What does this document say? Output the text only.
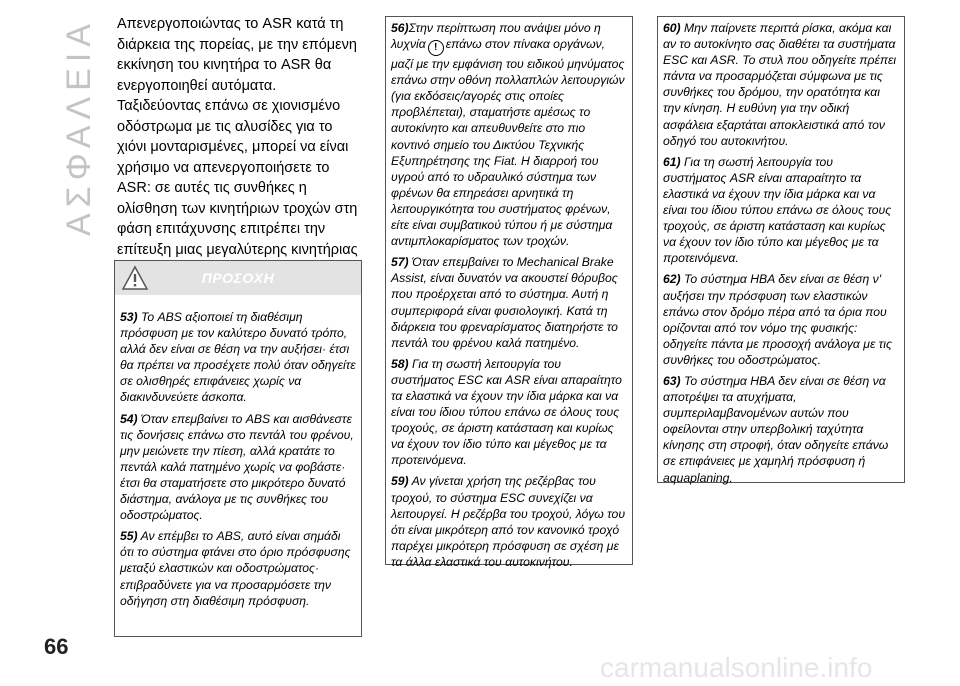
ΑΣΦΑΛΕΙΑ Απενεργοποιώντας το ASR κατά τη διάρκεια της πορείας, με την επόμενη εκκίνηση του κινητήρα το ASR θα ενεργοποιηθεί αυτόματα. Ταξιδεύοντας επάνω σε χιονισμένο οδόστρωμα με τις αλυσίδες για το χιόνι μονταρισμένες, μπορεί να είναι χρήσιμο να απενεργοποιήσετε το ASR: σε αυτές τις συνθήκες η ολίσθηση των κινητήριων τροχών στη φάση επιτάχυνσης επιτρέπει την επίτευξη μιας μεγαλύτερης κινητήριας

ΠΡΟΣΟΧΗ

53) Το ABS αξιοποιεί τη διαθέσιμη πρόσφυση με τον καλύτερο δυνατό τρόπο, αλλά δεν είναι σε θέση να την αυξήσει· έτσι θα πρέπει να προσέχετε πολύ όταν οδηγείτε σε ολισθηρές επιφάνειες χωρίς να διακινδυνεύετε άσκοπα.

54) Όταν επεμβαίνει το ABS και αισθάνεστε τις δονήσεις επάνω στο πεντάλ του φρένου, μην μειώνετε την πίεση, αλλά κρατάτε το πεντάλ καλά πατημένο χωρίς να φοβάστε· έτσι θα σταματήσετε στο μικρότερο δυνατό διάστημα, ανάλογα με τις συνθήκες του οδοστρώματος.

55) Αν επέμβει το ABS, αυτό είναι σημάδι ότι το σύστημα φτάνει στο όριο πρόσφυσης μεταξύ ελαστικών και οδοστρώματος· επιβραδύνετε για να προσαρμόσετε την οδήγηση στη διαθέσιμη πρόσφυση.

56)Στην περίπτωση που ανάψει μόνο η λυχνία ! επάνω στον πίνακα οργάνων, μαζί με την εμφάνιση του ειδικού μηνύματος επάνω στην οθόνη πολλαπλών λειτουργιών (για εκδόσεις/αγορές στις οποίες προβλέπεται), σταματήστε αμέσως το αυτοκίνητο και απευθυνθείτε στο πιο κοντινό σημείο του Δικτύου Τεχνικής Εξυπηρέτησης της Fiat. Η διαρροή του υγρού από το υδραυλικό σύστημα των φρένων θα επηρεάσει αρνητικά τη λειτουργικότητα του συστήματος φρένων, είτε είναι συμβατικού τύπου ή με σύστημα αντιμπλοκαρίσματος των τροχών.

57) Όταν επεμβαίνει το Mechanical Brake Assist, είναι δυνατόν να ακουστεί θόρυβος που προέρχεται από το σύστημα. Αυτή η συμπεριφορά είναι φυσιολογική. Κατά τη διάρκεια του φρεναρίσματος διατηρήστε το πεντάλ του φρένου καλά πατημένο.

58) Για τη σωστή λειτουργία του συστήματος ESC και ASR είναι απαραίτητο τα ελαστικά να έχουν την ίδια μάρκα και να είναι του ίδιου τύπου επάνω σε όλους τους τροχούς, σε άριστη κατάσταση και κυρίως να έχουν τον ίδιο τύπο και μέγεθος με τα προτεινόμενα.

59) Αν γίνεται χρήση της ρεζέρβας του τροχού, το σύστημα ESC συνεχίζει να λειτουργεί. Η ρεζέρβα του τροχού, λόγω του ότι είναι μικρότερη από τον κανονικό τροχό παρέχει μικρότερη πρόσφυση σε σχέση με τα άλλα ελαστικά του αυτοκινήτου.

60) Μην παίρνετε περιττά ρίσκα, ακόμα και αν το αυτοκίνητο σας διαθέτει τα συστήματα ESC και ASR. Το στυλ που οδηγείτε πρέπει πάντα να προσαρμόζεται σύμφωνα με τις συνθήκες του δρόμου, την ορατότητα και την κίνηση. Η ευθύνη για την οδική ασφάλεια εξαρτάται αποκλειστικά από τον οδηγό του αυτοκινήτου.

61) Για τη σωστή λειτουργία του συστήματος ASR είναι απαραίτητο τα ελαστικά να έχουν την ίδια μάρκα και να είναι του ίδιου τύπου επάνω σε όλους τους τροχούς, σε άριστη κατάσταση και κυρίως να έχουν τον ίδιο τύπο και μέγεθος με τα προτεινόμενα.

62) Το σύστημα HBA δεν είναι σε θέση ν' αυξήσει την πρόσφυση των ελαστικών επάνω στον δρόμο πέρα από τα όρια που ορίζονται από τον νόμο της φυσικής: οδηγείτε πάντα με προσοχή ανάλογα με τις συνθήκες του οδοστρώματος.

63) Το σύστημα HBA δεν είναι σε θέση να αποτρέψει τα ατυχήματα, συμπεριλαμβανομένων αυτών που οφείλονται στην υπερβολική ταχύτητα κίνησης στη στροφή, όταν οδηγείτε επάνω σε επιφάνειες με χαμηλή πρόσφυση ή aquaplaning.

66
carmanualsonline.info
